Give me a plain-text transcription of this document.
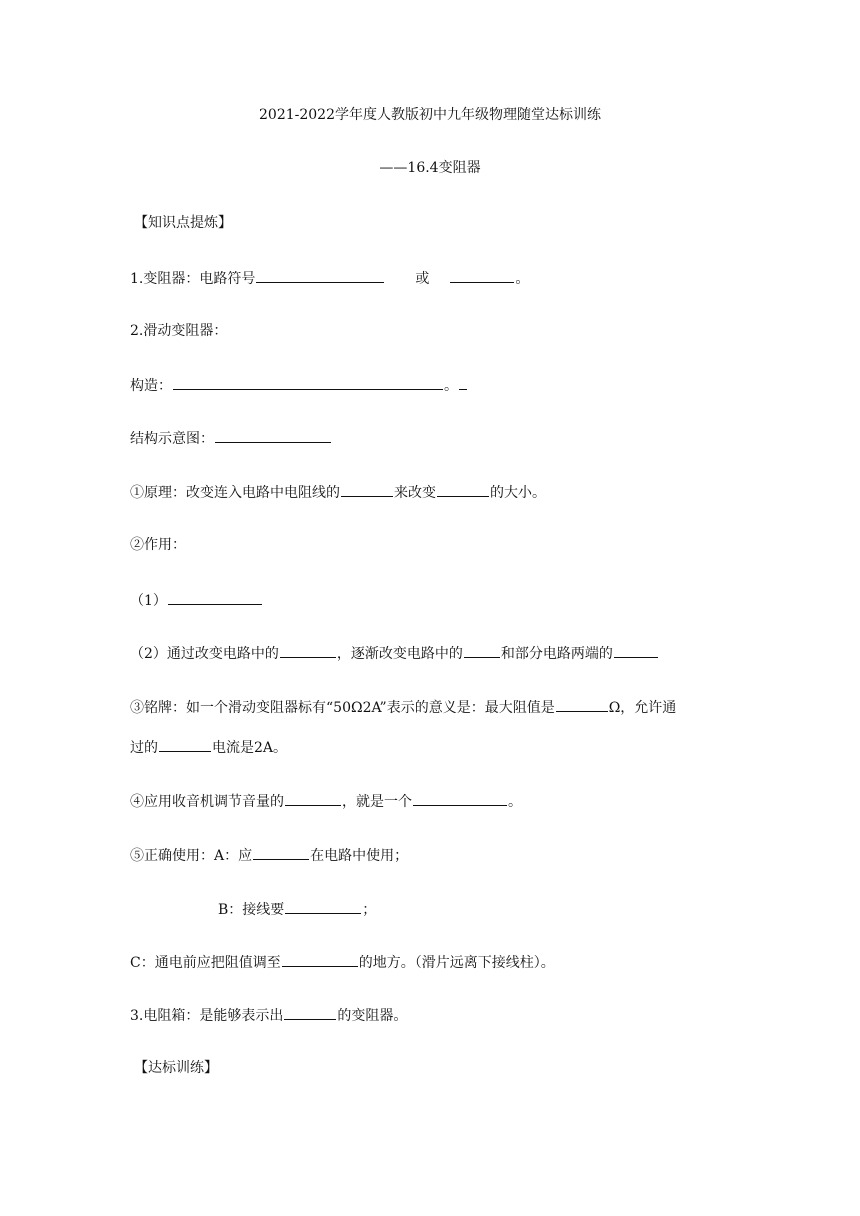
2021-2022学年度人教版初中九年级物理随堂达标训练
——16.4变阻器
【知识点提炼】
1.变阻器：电路符号	或	。
2.滑动变阻器：
构造：	。
结构示意图：
①原理：改变连入电路中电阻线的	来改变	的大小。
②作用：
（1）
（2）通过改变电路中的	，逐渐改变电路中的	和部分电路两端的
③铭牌：如一个滑动变阻器标有“50Ω2A”表示的意义是：最大阻值是	Ω，允许通
过的	电流是2A。
④应用收音机调节音量的	，就是一个	。
⑤正确使用：A：应	在电路中使用；
B：接线要	；
C：通电前应把阻值调至	的地方。（滑片远离下接线柱）。
3.电阻箱：是能够表示出	的变阻器。
【达标训练】
